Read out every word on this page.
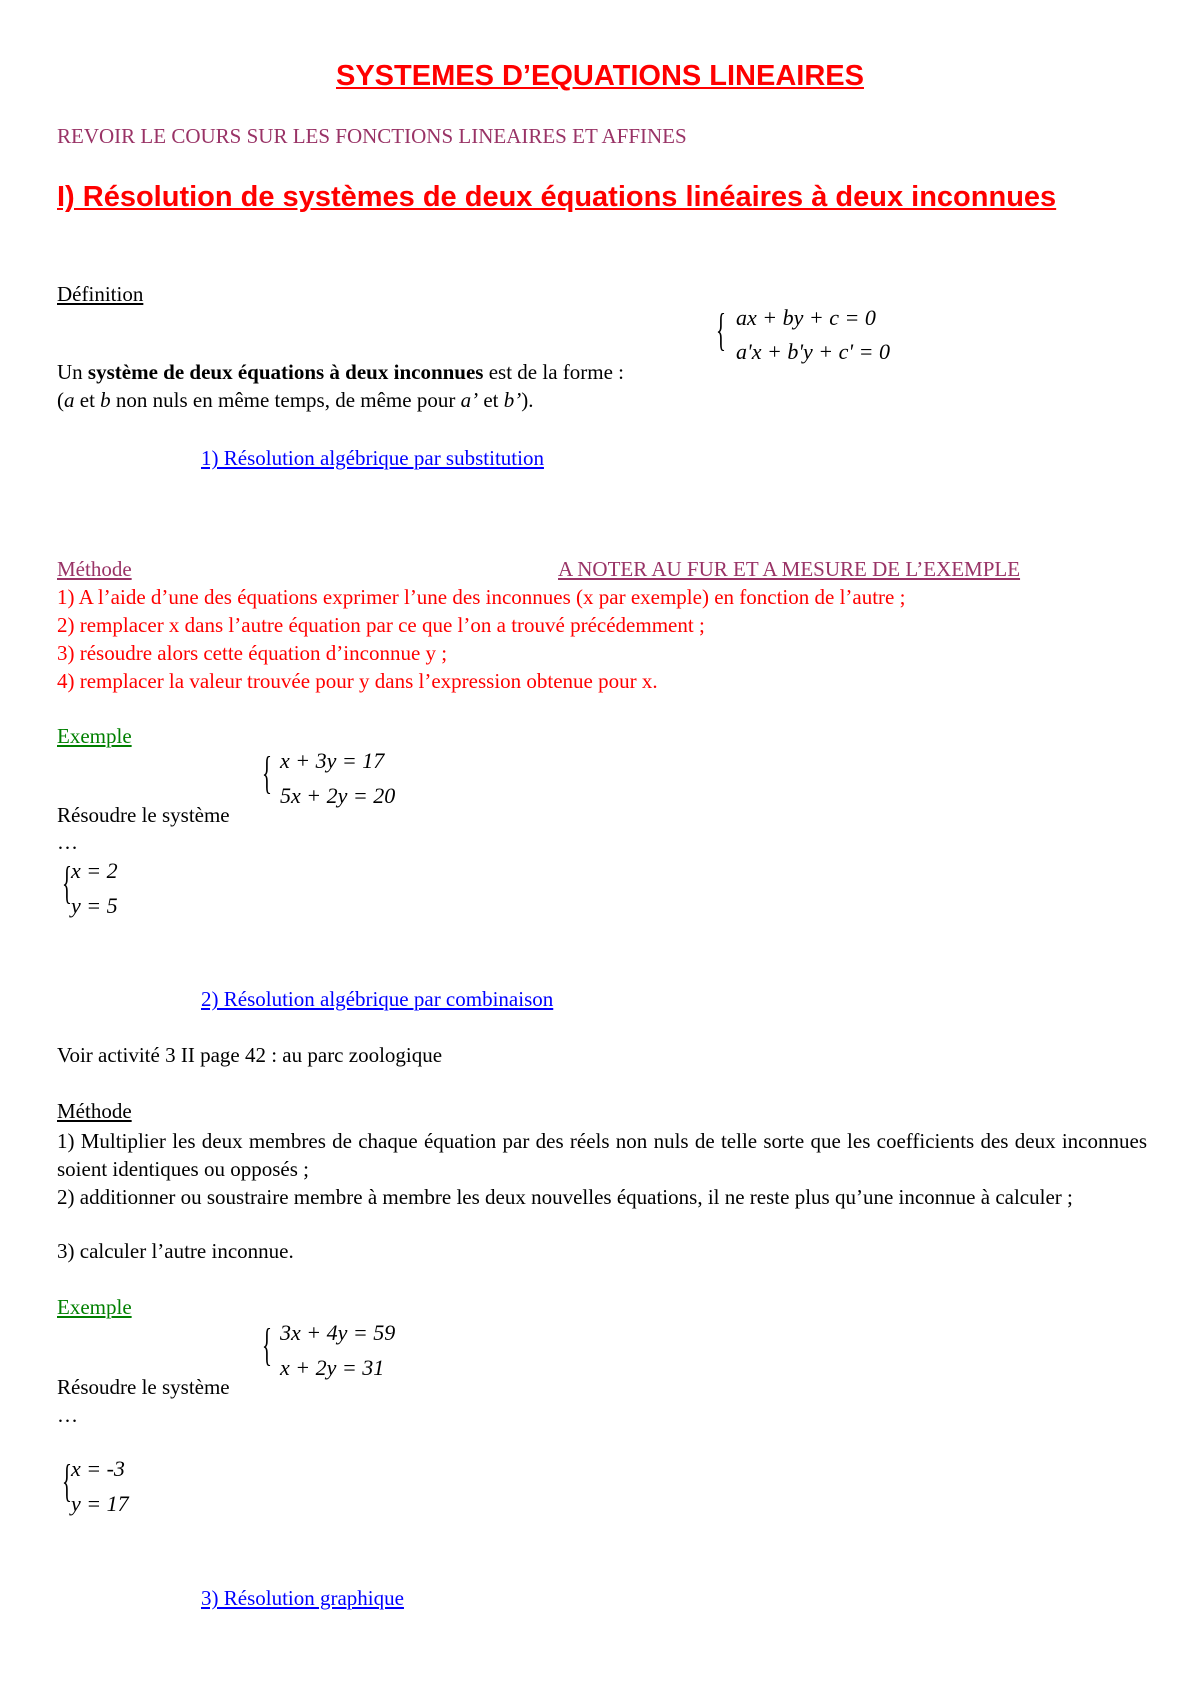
SYSTEMES D’EQUATIONS LINEAIRES
REVOIR LE COURS SUR LES FONCTIONS LINEAIRES ET AFFINES
I) Résolution de systèmes de deux équations linéaires à deux inconnues
Définition
{ ax + by + c = 0
a'x + b'y + c' = 0
Un système de deux équations à deux inconnues est de la forme :
(a et b non nuls en même temps, de même pour a’ et b’).
1) Résolution algébrique par substitution
Méthode	A NOTER AU FUR ET A MESURE DE L’EXEMPLE
1) A l’aide d’une des équations exprimer l’une des inconnues (x par exemple) en fonction de l’autre ;
2) remplacer x dans l’autre équation par ce que l’on a trouvé précédemment ;
3) résoudre alors cette équation d’inconnue y ;
4) remplacer la valeur trouvée pour y dans l’expression obtenue pour x.
Exemple
Résoudre le système
{ x + 3y = 17
5x + 2y = 20
…
{ x = 2
y = 5
2) Résolution algébrique par combinaison
Voir activité 3 II page 42 : au parc zoologique
Méthode
1) Multiplier les deux membres de chaque équation par des réels non nuls de telle sorte que les coefficients des deux inconnues soient identiques ou opposés ;
2) additionner ou soustraire membre à membre les deux nouvelles équations, il ne reste plus qu’une inconnue à calculer ;
3) calculer l’autre inconnue.
Exemple
Résoudre le système
{ 3x + 4y = 59
x + 2y = 31
…
{ x = -3
y = 17
3) Résolution graphique
